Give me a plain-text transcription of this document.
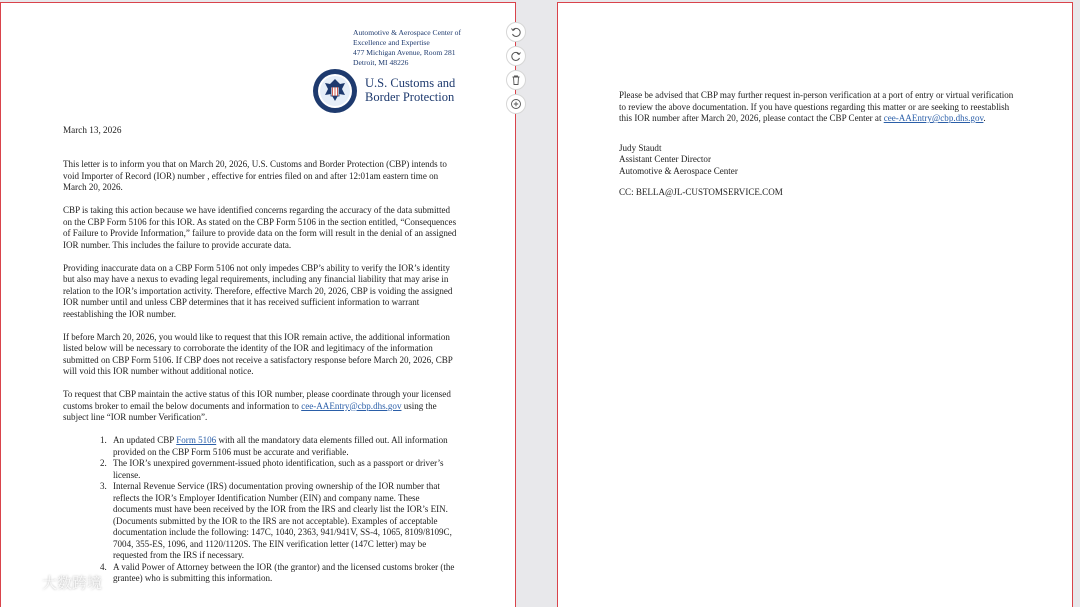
Automotive & Aerospace Center of
Excellence and Expertise
477 Michigan Avenue, Room 281
Detroit, MI 48226
U.S. Customs and
Border Protection
March 13, 2026

This letter is to inform you that on March 20, 2026, U.S. Customs and Border Protection (CBP) intends to void Importer of Record (IOR) number , effective for entries filed on and after 12:01am eastern time on March 20, 2026.

CBP is taking this action because we have identified concerns regarding the accuracy of the data submitted on the CBP Form 5106 for this IOR. As stated on the CBP Form 5106 in the section entitled, “Consequences of Failure to Provide Information,” failure to provide data on the form will result in the denial of an assigned IOR number. This includes the failure to provide accurate data.

Providing inaccurate data on a CBP Form 5106 not only impedes CBP’s ability to verify the IOR’s identity but also may have a nexus to evading legal requirements, including any financial liability that may arise in relation to the IOR’s importation activity. Therefore, effective March 20, 2026, CBP is voiding the assigned IOR number until and unless CBP determines that it has received sufficient information to warrant reestablishing the IOR number.

If before March 20, 2026, you would like to request that this IOR remain active, the additional information listed below will be necessary to corroborate the identity of the IOR and legitimacy of the information submitted on CBP Form 5106. If CBP does not receive a satisfactory response before March 20, 2026, CBP will void this IOR number without additional notice.

To request that CBP maintain the active status of this IOR number, please coordinate through your licensed customs broker to email the below documents and information to cee-AAEntry@cbp.dhs.gov using the subject line “IOR number Verification”.

1. An updated CBP Form 5106 with all the mandatory data elements filled out. All information provided on the CBP Form 5106 must be accurate and verifiable.
2. The IOR’s unexpired government-issued photo identification, such as a passport or driver’s license.
3. Internal Revenue Service (IRS) documentation proving ownership of the IOR number that reflects the IOR’s Employer Identification Number (EIN) and company name. These documents must have been received by the IOR from the IRS and clearly list the IOR’s EIN. (Documents submitted by the IOR to the IRS are not acceptable). Examples of acceptable documentation include the following: 147C, 1040, 2363, 941/941V, SS-4, 1065, 8109/8109C, 7004, 355-ES, 1096, and 1120/1120S. The EIN verification letter (147C letter) may be requested from the IRS if necessary.
4. A valid Power of Attorney between the IOR (the grantor) and the licensed customs broker (the grantee) who is submitting this information.

Please be advised that CBP may further request in-person verification at a port of entry or virtual verification to review the above documentation. If you have questions regarding this matter or are seeking to reestablish this IOR number after March 20, 2026, please contact the CBP Center at cee-AAEntry@cbp.dhs.gov.

Judy Staudt
Assistant Center Director
Automotive & Aerospace Center
CC: BELLA@JL-CUSTOMSERVICE.COM
大数跨境
